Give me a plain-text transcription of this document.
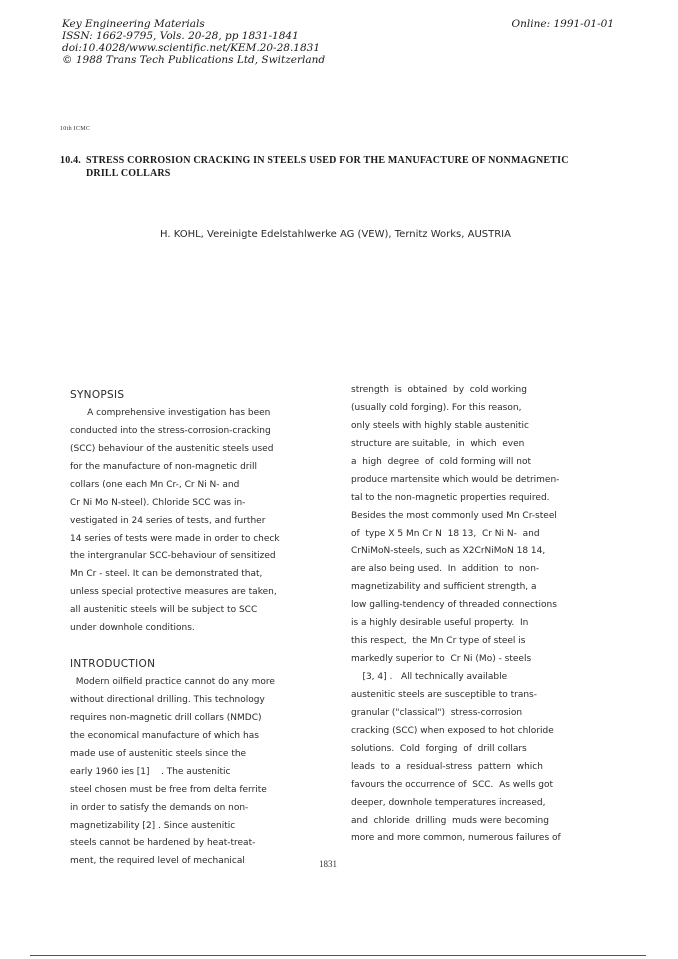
Key Engineering Materials
ISSN: 1662-9795, Vols. 20-28, pp 1831-1841
doi:10.4028/www.scientific.net/KEM.20-28.1831
© 1988 Trans Tech Publications Ltd, Switzerland
Online: 1991-01-01
10th ICMC
10.4. STRESS CORROSION CRACKING IN STEELS USED FOR THE MANUFACTURE OF NONMAGNETIC
DRILL COLLARS
H. KOHL, Vereinigte Edelstahlwerke AG (VEW), Ternitz Works, AUSTRIA
SYNOPSIS
A comprehensive investigation has been
conducted into the stress-corrosion-cracking
(SCC) behaviour of the austenitic steels used
for the manufacture of non-magnetic drill
collars (one each Mn Cr-, Cr Ni N- and
Cr Ni Mo N-steel). Chloride SCC was in-
vestigated in 24 series of tests, and further
14 series of tests were made in order to check
the intergranular SCC-behaviour of sensitized
Mn Cr - steel. It can be demonstrated that,
unless special protective measures are taken,
all austenitic steels will be subject to SCC
under downhole conditions.
INTRODUCTION
Modern oilfield practice cannot do any more
without directional drilling. This technology
requires non-magnetic drill collars (NMDC)
the economical manufacture of which has
made use of austenitic steels since the
early 1960 ies [1]    . The austenitic
steel chosen must be free from delta ferrite
in order to satisfy the demands on non-
magnetizability [2] . Since austenitic
steels cannot be hardened by heat-treat-
ment, the required level of mechanical
strength  is  obtained  by  cold working
(usually cold forging). For this reason,
only steels with highly stable austenitic
structure are suitable,  in  which  even
a  high  degree  of  cold forming will not
produce martensite which would be detrimen-
tal to the non-magnetic properties required.
Besides the most commonly used Mn Cr-steel
of  type X 5 Mn Cr N  18 13,  Cr Ni N-  and
CrNiMoN-steels, such as X2CrNiMoN 18 14,
are also being used.  In  addition  to  non-
magnetizability and sufficient strength, a
low galling-tendency of threaded connections
is a highly desirable useful property.  In
this respect,  the Mn Cr type of steel is
markedly superior to  Cr Ni (Mo) - steels
[3, 4] .   All technically available
austenitic steels are susceptible to trans-
granular ("classical")  stress-corrosion
cracking (SCC) when exposed to hot chloride
solutions.  Cold  forging  of  drill collars
leads  to  a  residual-stress  pattern  which
favours the occurrence of  SCC.  As wells got
deeper, downhole temperatures increased,
and  chloride  drilling  muds were becoming
more and more common, numerous failures of
1831
